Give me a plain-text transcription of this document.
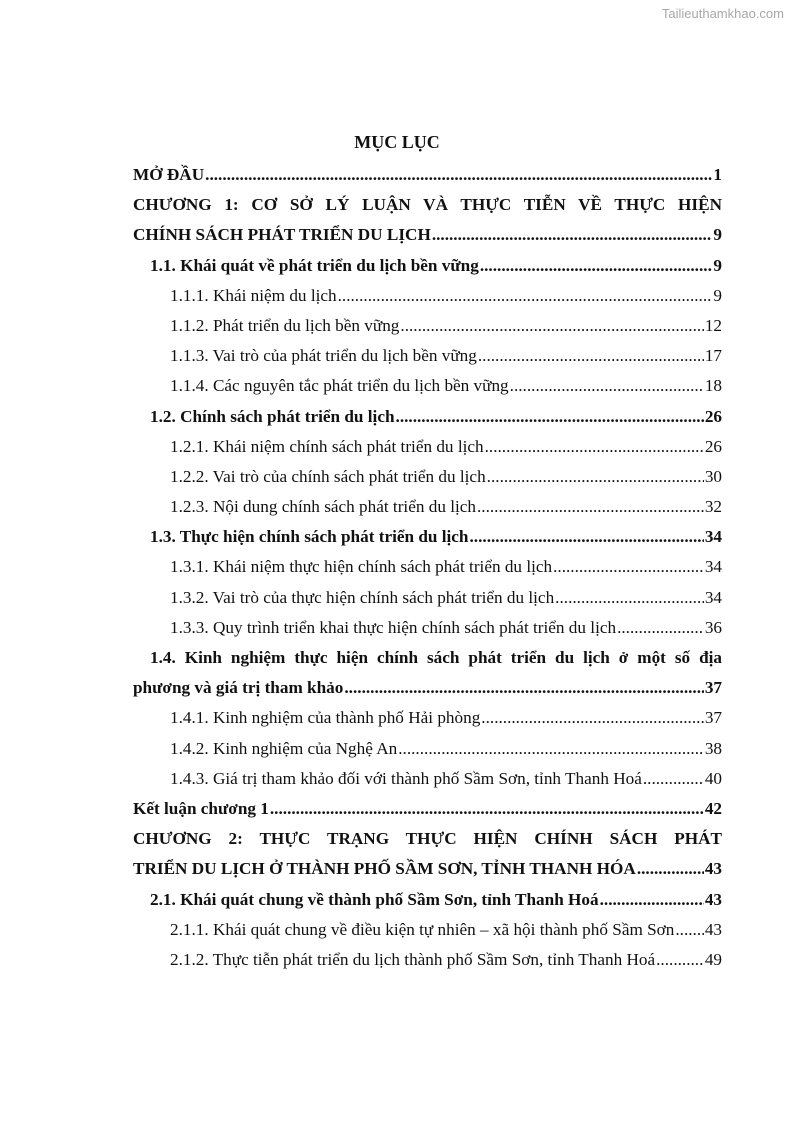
Tailieuthamkhao.com
MỤC LỤC
MỞ ĐẦU .....	1
CHƯƠNG 1: CƠ SỞ LÝ LUẬN VÀ THỰC TIỄN VỀ THỰC HIỆN
CHÍNH SÁCH PHÁT TRIỂN DU LỊCH .....	9
1.1. Khái quát về phát triển du lịch bền vững .....	9
1.1.1. Khái niệm du lịch .....	9
1.1.2. Phát triển du lịch bền vững .....	12
1.1.3. Vai trò của phát triển du lịch bền vững .....	17
1.1.4. Các nguyên tắc phát triển du lịch bền vững .....	18
1.2. Chính sách phát triển du lịch .....	26
1.2.1. Khái niệm chính sách phát triển du lịch .....	26
1.2.2. Vai trò của chính sách phát triển du lịch .....	30
1.2.3. Nội dung chính sách phát triển du lịch .....	32
1.3. Thực hiện chính sách phát triển du lịch .....	34
1.3.1. Khái niệm thực hiện chính sách phát triển du lịch .....	34
1.3.2. Vai trò của thực hiện chính sách phát triển du lịch .....	34
1.3.3. Quy trình triển khai thực hiện chính sách phát triển du lịch .....	36
1.4. Kinh nghiệm thực hiện chính sách phát triển du lịch ở một số địa
phương và giá trị tham khảo .....	37
1.4.1. Kinh nghiệm của thành phố Hải phòng .....	37
1.4.2. Kinh nghiệm của Nghệ An .....	38
1.4.3. Giá trị tham khảo đối với thành phố Sầm Sơn, tỉnh Thanh Hoá .....	40
Kết luận chương 1 .....	42
CHƯƠNG 2: THỰC TRẠNG THỰC HIỆN CHÍNH SÁCH PHÁT
TRIỂN DU LỊCH Ở THÀNH PHỐ SẦM SƠN, TỈNH THANH HÓA .....	43
2.1. Khái quát chung về thành phố Sầm Sơn, tỉnh Thanh Hoá .....	43
2.1.1. Khái quát chung về điều kiện tự nhiên – xã hội thành phố Sầm Sơn ..... 43
2.1.2. Thực tiễn phát triển du lịch thành phố Sầm Sơn, tỉnh Thanh Hoá .....	49
